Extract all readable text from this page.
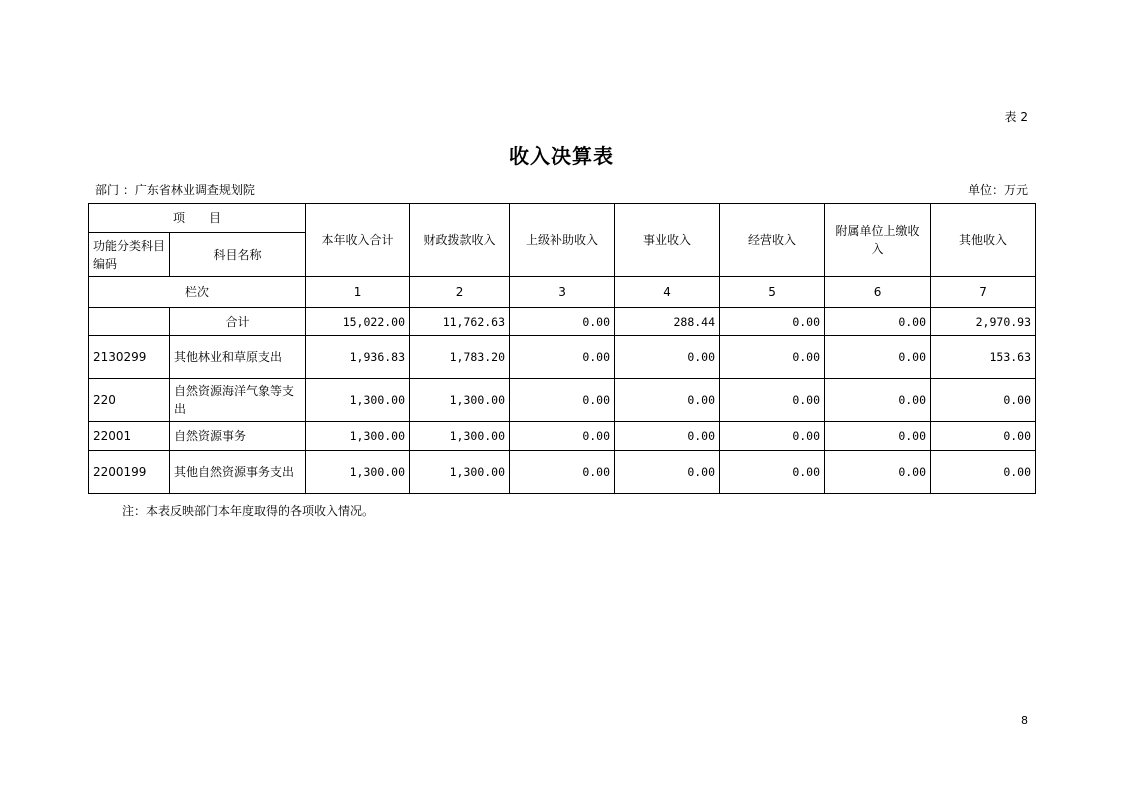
表 2
收入决算表
部门 ：广东省林业调查规划院	单位：万元
项　　目		本年收入合计	财政拨款收入	上级补助收入	事业收入	经营收入	附属单位上缴收入	其他收入
功能分类科目编码	科目名称							
栏次		1	2	3	4	5	6	7
	合计	15,022.00	11,762.63	0.00	288.44	0.00	0.00	2,970.93
2130299	其他林业和草原支出	1,936.83	1,783.20	0.00	0.00	0.00	0.00	153.63
220	自然资源海洋气象等支出	1,300.00	1,300.00	0.00	0.00	0.00	0.00	0.00
22001	自然资源事务	1,300.00	1,300.00	0.00	0.00	0.00	0.00	0.00
2200199	其他自然资源事务支出	1,300.00	1,300.00	0.00	0.00	0.00	0.00	0.00
注：本表反映部门本年度取得的各项收入情况。
8
